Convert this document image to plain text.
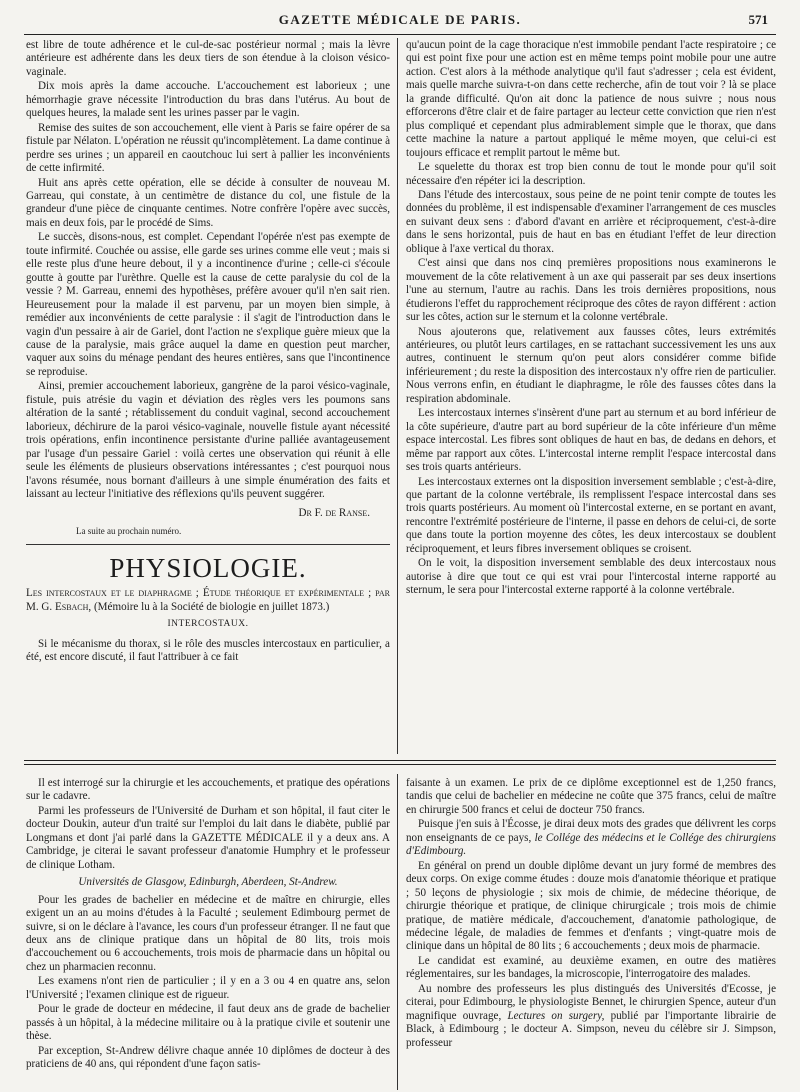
GAZETTE MÉDICALE DE PARIS.	571

est libre de toute adhérence et le cul-de-sac postérieur normal ; mais la lèvre antérieure est adhérente dans les deux tiers de son étendue à la cloison vésico-vaginale.

Dix mois après la dame accouche. L'accouchement est laborieux ; une hémorrhagie grave nécessite l'introduction du bras dans l'utérus. Au bout de quelques heures, la malade sent les urines passer par le vagin.

Remise des suites de son accouchement, elle vient à Paris se faire opérer de sa fistule par Nélaton. L'opération ne réussit qu'incomplètement. La dame continue à perdre ses urines ; un appareil en caoutchouc lui sert à pallier les inconvénients de cette infirmité.

Huit ans après cette opération, elle se décide à consulter de nouveau M. Garreau, qui constate, à un centimètre de distance du col, une fistule de la grandeur d'une pièce de cinquante centimes. Notre confrère l'opère avec succès, mais en deux fois, par le procédé de Sims.

Le succès, disons-nous, est complet. Cependant l'opérée n'est pas exempte de toute infirmité. Couchée ou assise, elle garde ses urines comme elle veut ; mais si elle reste plus d'une heure debout, il y a incontinence d'urine ; celle-ci s'écoule goutte à goutte par l'urèthre. Quelle est la cause de cette paralysie du col de la vessie ? M. Garreau, ennemi des hypothèses, préfère avouer qu'il n'en sait rien. Heureusement pour la malade il est parvenu, par un moyen bien simple, à remédier aux inconvénients de cette paralysie : il s'agit de l'introduction dans le vagin d'un pessaire à air de Gariel, dont l'action ne s'explique guère mieux que la cause de la paralysie, mais grâce auquel la dame en question peut marcher, vaquer aux soins du ménage pendant des heures entières, sans que l'incontinence se reproduise.

Ainsi, premier accouchement laborieux, gangrène de la paroi vésico-vaginale, fistule, puis atrésie du vagin et déviation des règles vers les poumons sans altération de la santé ; rétablissement du conduit vaginal, second accouchement laborieux, déchirure de la paroi vésico-vaginale, nouvelle fistule ayant nécessité trois opérations, enfin incontinence persistante d'urine palliée avantageusement par l'usage d'un pessaire Gariel : voilà certes une observation qui réunit à elle seule les éléments de plusieurs observations intéressantes ; c'est pourquoi nous l'avons résumée, nous bornant d'ailleurs à une simple énumération des faits et laissant au lecteur l'initiative des réflexions qu'ils peuvent suggérer.

Dr F. de Ranse.
La suite au prochain numéro.
PHYSIOLOGIE.

Les intercostaux et le diaphragme ; Étude théorique et expérimentale ; par M. G. Esbach, (Mémoire lu à la Société de biologie en juillet 1873.)

INTERCOSTAUX.

Si le mécanisme du thorax, si le rôle des muscles intercostaux en particulier, a été, est encore discuté, il faut l'attribuer à ce fait

qu'aucun point de la cage thoracique n'est immobile pendant l'acte respiratoire ; ce qui est point fixe pour une action est en même temps point mobile pour une autre action. C'est alors à la méthode analytique qu'il faut s'adresser ; cela est évident, mais quelle marche suivra-t-on dans cette recherche, afin de tout voir ? là se place la grande difficulté. Qu'on ait donc la patience de nous suivre ; nous nous efforcerons d'être clair et de faire partager au lecteur cette conviction que rien n'est plus compliqué et cependant plus admirablement simple que le thorax, que dans cette machine la nature a partout appliqué le même moyen, que celui-ci est toujours efficace et remplit partout le même but.

Le squelette du thorax est trop bien connu de tout le monde pour qu'il soit nécessaire d'en répéter ici la description.

Dans l'étude des intercostaux, sous peine de ne point tenir compte de toutes les données du problème, il est indispensable d'examiner l'arrangement de ces muscles en suivant deux sens : d'abord d'avant en arrière et réciproquement, c'est-à-dire dans le sens horizontal, puis de haut en bas en étudiant l'effet de leur direction oblique à l'axe vertical du thorax.

C'est ainsi que dans nos cinq premières propositions nous examinerons le mouvement de la côte relativement à un axe qui passerait par ses deux insertions l'une au sternum, l'autre au rachis. Dans les trois dernières propositions, nous étudierons l'effet du rapprochement réciproque des côtes de rayon différent : action sur les côtes, action sur le sternum et la colonne vertébrale.

Nous ajouterons que, relativement aux fausses côtes, leurs extrémités antérieures, ou plutôt leurs cartilages, en se rattachant successivement les uns aux autres, continuent le sternum qu'on peut alors considérer comme bifide inférieurement ; du reste la disposition des intercostaux n'y offre rien de particulier. Nous verrons enfin, en étudiant le diaphragme, le rôle des fausses côtes dans la respiration abdominale.

Les intercostaux internes s'insèrent d'une part au sternum et au bord inférieur de la côte supérieure, d'autre part au bord supérieur de la côte inférieure d'un même espace intercostal. Les fibres sont obliques de haut en bas, de dedans en dehors, et même par rapport aux côtes. L'intercostal interne remplit l'espace intercostal dans ses trois quarts antérieurs.

Les intercostaux externes ont la disposition inversement semblable ; c'est-à-dire, que partant de la colonne vertébrale, ils remplissent l'espace intercostal dans ses trois quarts postérieurs. Au moment où l'intercostal externe, en se portant en avant, rencontre l'extrémité postérieure de l'interne, il passe en dehors de celui-ci, de sorte que dans toute la portion moyenne des côtes, les deux intercostaux se doublent réciproquement, et leurs fibres inversement obliques se croisent.

On le voit, la disposition inversement semblable des deux intercostaux nous autorise à dire que tout ce qui est vrai pour l'intercostal interne rapporté au sternum, le sera pour l'intercostal externe rapporté à la colonne vertébrale.

Il est interrogé sur la chirurgie et les accouchements, et pratique des opérations sur le cadavre.

Parmi les professeurs de l'Université de Durham et son hôpital, il faut citer le docteur Doukin, auteur d'un traité sur l'emploi du lait dans le diabète, publié par Longmans et dont j'ai parlé dans la GAZETTE MÉDICALE il y a deux ans. A Cambridge, je citerai le savant professeur d'anatomie Humphry et le professeur de clinique Lotham.

Universités de Glasgow, Edinburgh, Aberdeen, St-Andrew.

Pour les grades de bachelier en médecine et de maître en chirurgie, elles exigent un an au moins d'études à la Faculté ; seulement Edimbourg permet de suivre, si on le déclare à l'avance, les cours d'un professeur étranger. Il ne faut que deux ans de clinique pratique dans un hôpital de 80 lits, trois mois d'accouchement ou 6 accouchements, trois mois de pharmacie dans un hôpital ou chez un pharmacien reconnu.

Les examens n'ont rien de particulier ; il y en a 3 ou 4 en quatre ans, selon l'Université ; l'examen clinique est de rigueur.

Pour le grade de docteur en médecine, il faut deux ans de grade de bachelier passés à un hôpital, à la médecine militaire ou à la pratique civile et soutenir une thèse.

Par exception, St-Andrew délivre chaque année 10 diplômes de docteur à des praticiens de 40 ans, qui répondent d'une façon satis-

faisante à un examen. Le prix de ce diplôme exceptionnel est de 1,250 francs, tandis que celui de bachelier en médecine ne coûte que 375 francs, celui de maître en chirurgie 500 francs et celui de docteur 750 francs.

Puisque j'en suis à l'Écosse, je dirai deux mots des grades que délivrent les corps non enseignants de ce pays, le Collége des médecins et le Collége des chirurgiens d'Edimbourg.

En général on prend un double diplôme devant un jury formé de membres des deux corps. On exige comme études : douze mois d'anatomie théorique et pratique ; 50 leçons de physiologie ; six mois de chimie, de médecine théorique, de chirurgie théorique et pratique, de clinique chirurgicale ; trois mois de chimie pratique, de matière médicale, d'accouchement, d'anatomie pathologique, de médecine légale, de maladies de femmes et d'enfants ; vingt-quatre mois de clinique dans un hôpital de 80 lits ; 6 accouchements ; deux mois de pharmacie.

Le candidat est examiné, au deuxième examen, en outre des matières réglementaires, sur les bandages, la microscopie, l'interrogatoire des malades.

Au nombre des professeurs les plus distingués des Universités d'Ecosse, je citerai, pour Edimbourg, le physiologiste Bennet, le chirurgien Spence, auteur d'un magnifique ouvrage, Lectures on surgery, publié par l'importante librairie de Black, à Edimbourg ; le docteur A. Simpson, neveu du célèbre sir J. Simpson, professeur
